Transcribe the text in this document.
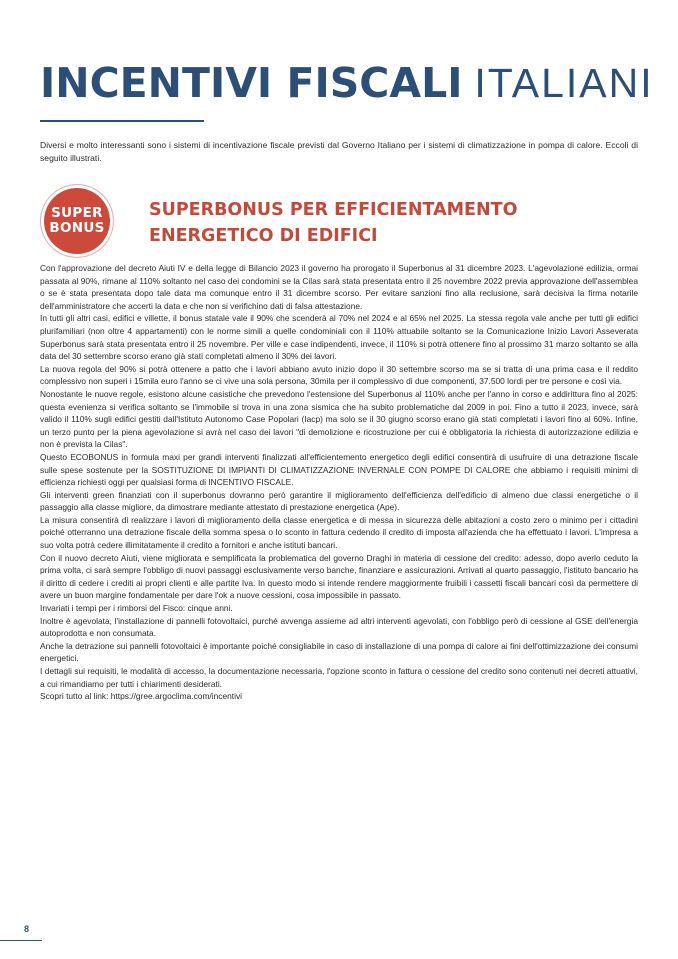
INCENTIVI FISCALI ITALIANI

Diversi e molto interessanti sono i sistemi di incentivazione fiscale previsti dal Governo Italiano per i sistemi di climatizzazione in pompa di calore. Eccoli di seguito illustrati.

SUPER
BONUS
SUPERBONUS PER EFFICIENTAMENTO
ENERGETICO DI EDIFICI

Con l'approvazione del decreto Aiuti IV e della legge di Bilancio 2023 il governo ha prorogato il Superbonus al 31 dicembre 2023. L'agevolazione edilizia, ormai passata al 90%, rimane al 110% soltanto nel caso dei condomini se la Cilas sarà stata presentata entro il 25 novembre 2022 previa approvazione dell'assemblea o se è stata presentata dopo tale data ma comunque entro il 31 dicembre scorso. Per evitare sanzioni fino alla reclusione, sarà decisiva la firma notarile dell'amministratore che accerti la data e che non si verifichino dati di falsa attestazione.

In tutti gli altri casi, edifici e villette, il bonus statale vale il 90% che scenderà al 70% nel 2024 e al 65% nel 2025. La stessa regola vale anche per tutti gli edifici plurifamiliari (non oltre 4 appartamenti) con le norme simili a quelle condominiali con il 110% attuabile soltanto se la Comunicazione Inizio Lavori Asseverata Superbonus sarà stata presentata entro il 25 novembre. Per ville e case indipendenti, invece, il 110% si potrà ottenere fino al prossimo 31 marzo soltanto se alla data del 30 settembre scorso erano già stati completati almeno il 30% dei lavori.

La nuova regola del 90% si potrà ottenere a patto che i lavori abbiano avuto inizio dopo il 30 settembre scorso ma se si tratta di una prima casa e il reddito complessivo non superi i 15mila euro l'anno se ci vive una sola persona, 30mila per il complessivo di due componenti, 37.500 lordi per tre persone e così via.

Nonostante le nuove regole, esistono alcune casistiche che prevedono l'estensione del Superbonus al 110% anche per l'anno in corso e addirittura fino al 2025: questa evenienza si verifica soltanto se l'immobile si trova in una zona sismica che ha subito problematiche dal 2009 in poi. Fino a tutto il 2023, invece, sarà valido il 110% sugli edifici gestiti dall'Istituto Autonomo Case Popolari (Iacp) ma solo se il 30 giugno scorso erano già stati completati i lavori fino al 60%. Infine, un terzo punto per la piena agevolazione si avrà nel caso dei lavori "di demolizione e ricostruzione per cui è obbligatoria la richiesta di autorizzazione edilizia e non è prevista la Cilas".

Questo ECOBONUS in formula maxi per grandi interventi finalizzati all'efficientemento energetico degli edifici consentirà di usufruire di una detrazione fiscale sulle spese sostenute per la SOSTITUZIONE DI IMPIANTI DI CLIMATIZZAZIONE INVERNALE CON POMPE DI CALORE che abbiamo i requisiti minimi di efficienza richiesti oggi per qualsiasi forma di INCENTIVO FISCALE.

Gli interventi green finanziati con il superbonus dovranno però garantire il miglioramento dell'efficienza dell'edificio di almeno due classi energetiche o il passaggio alla classe migliore, da dimostrare mediante attestato di prestazione energetica (Ape).

La misura consentirà di realizzare i lavori di miglioramento della classe energetica e di messa in sicurezza delle abitazioni a costo zero o minimo per i cittadini poiché otterranno una detrazione fiscale della somma spesa o lo sconto in fattura cedendo il credito di imposta all'azienda che ha effettuato i lavori. L'impresa a suo volta potrà cedere illimitatamente il credito a fornitori e anche istituti bancari.

Con il nuovo decreto Aiuti, viene migliorata e semplificata la problematica del governo Draghi in materia di cessione del credito: adesso, dopo averlo ceduto la prima volta, ci sarà sempre l'obbligo di nuovi passaggi esclusivamente verso banche, finanziare e assicurazioni. Arrivati al quarto passaggio, l'istituto bancario ha il diritto di cedere i crediti ai propri clienti e alle partite Iva. In questo modo si intende rendere maggiormente fruibili i cassetti fiscali bancari così da permettere di avere un buon margine fondamentale per dare l'ok a nuove cessioni, cosa impossibile in passato.

Invariati i tempi per i rimborsi del Fisco: cinque anni.

Inoltre è agevolata, l'installazione di pannelli fotovoltaici, purché avvenga assieme ad altri interventi agevolati, con l'obbligo però di cessione al GSE dell'energia autoprodotta e non consumata.

Anche la detrazione sui pannelli fotovoltaici è importante poiché consigliabile in caso di installazione di una pompa di calore ai fini dell'ottimizzazione dei consumi energetici.

I dettagli sui requisiti, le modalità di accesso, la documentazione necessaria, l'opzione sconto in fattura o cessione del credito sono contenuti nei decreti attuativi, a cui rimandiamo per tutti i chiarimenti desiderati.

Scopri tutto al link: https://gree.argoclima.com/incentivi

8
